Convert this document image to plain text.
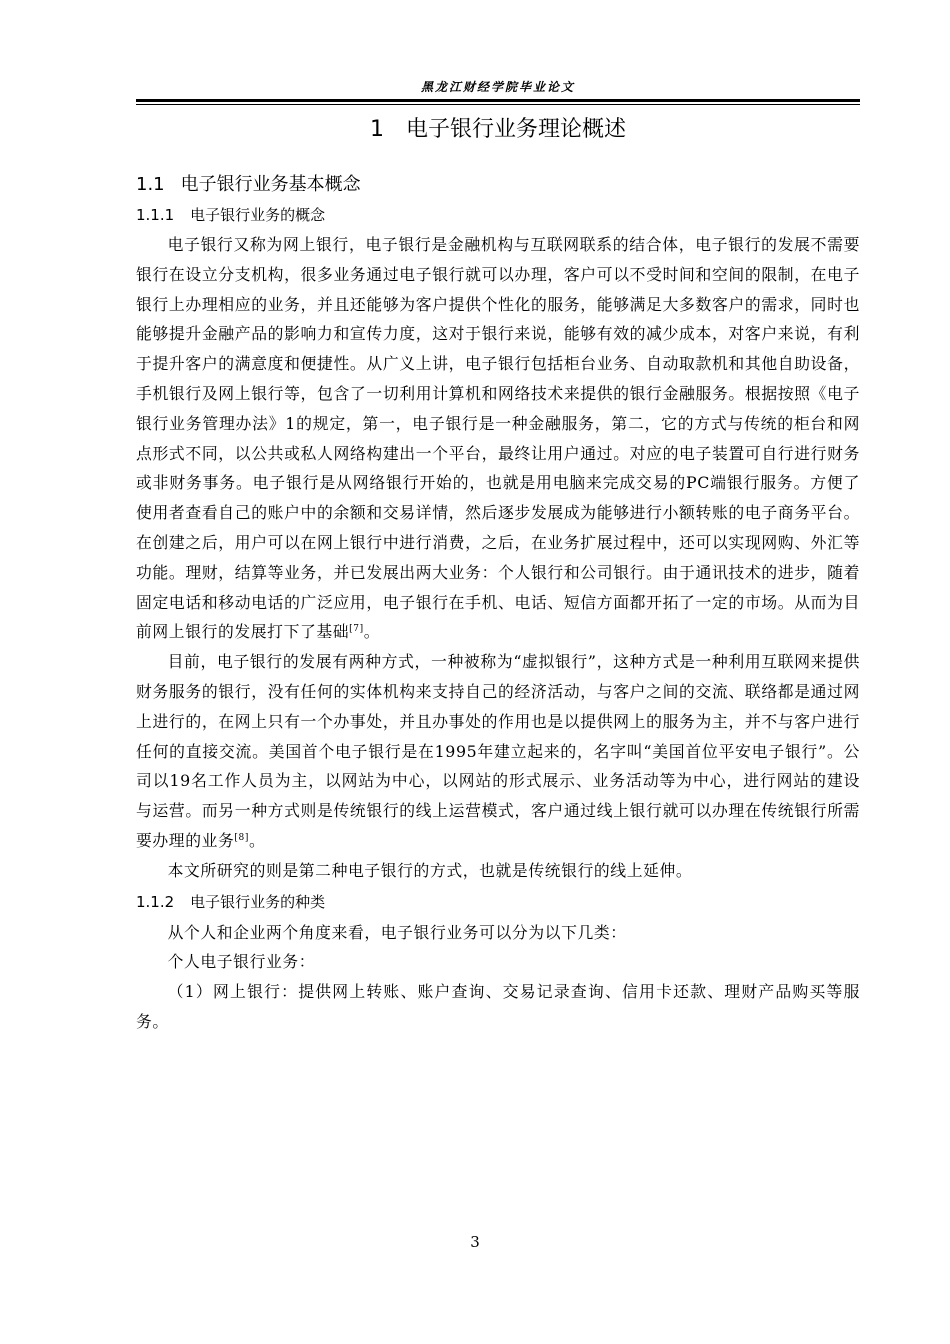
黑龙江财经学院毕业论文
1 电子银行业务理论概述
1.1 电子银行业务基本概念
1.1.1 电子银行业务的概念

电子银行又称为网上银行，电子银行是金融机构与互联网联系的结合体，电子银行的发展不需要银行在设立分支机构，很多业务通过电子银行就可以办理，客户可以不受时间和空间的限制，在电子银行上办理相应的业务，并且还能够为客户提供个性化的服务，能够满足大多数客户的需求，同时也能够提升金融产品的影响力和宣传力度，这对于银行来说，能够有效的减少成本，对客户来说，有利于提升客户的满意度和便捷性。从广义上讲，电子银行包括柜台业务、自动取款机和其他自助设备，手机银行及网上银行等，包含了一切利用计算机和网络技术来提供的银行金融服务。根据按照《电子银行业务管理办法》1的规定，第一，电子银行是一种金融服务，第二，它的方式与传统的柜台和网点形式不同，以公共或私人网络构建出一个平台，最终让用户通过。对应的电子装置可自行进行财务或非财务事务。电子银行是从网络银行开始的，也就是用电脑来完成交易的PC端银行服务。方便了使用者查看自己的账户中的余额和交易详情，然后逐步发展成为能够进行小额转账的电子商务平台。在创建之后，用户可以在网上银行中进行消费，之后，在业务扩展过程中，还可以实现网购、外汇等功能。理财，结算等业务，并已发展出两大业务：个人银行和公司银行。由于通讯技术的进步，随着固定电话和移动电话的广泛应用，电子银行在手机、电话、短信方面都开拓了一定的市场。从而为目前网上银行的发展打下了基础[7]。

目前，电子银行的发展有两种方式，一种被称为“虚拟银行”，这种方式是一种利用互联网来提供财务服务的银行，没有任何的实体机构来支持自己的经济活动，与客户之间的交流、联络都是通过网上进行的，在网上只有一个办事处，并且办事处的作用也是以提供网上的服务为主，并不与客户进行任何的直接交流。美国首个电子银行是在1995年建立起来的，名字叫“美国首位平安电子银行”。公司以19名工作人员为主，以网站为中心，以网站的形式展示、业务活动等为中心，进行网站的建设与运营。而另一种方式则是传统银行的线上运营模式，客户通过线上银行就可以办理在传统银行所需要办理的业务[8]。

本文所研究的则是第二种电子银行的方式，也就是传统银行的线上延伸。

1.1.2 电子银行业务的种类

从个人和企业两个角度来看，电子银行业务可以分为以下几类：

个人电子银行业务：

（1）网上银行：提供网上转账、账户查询、交易记录查询、信用卡还款、理财产品购买等服务。

3
